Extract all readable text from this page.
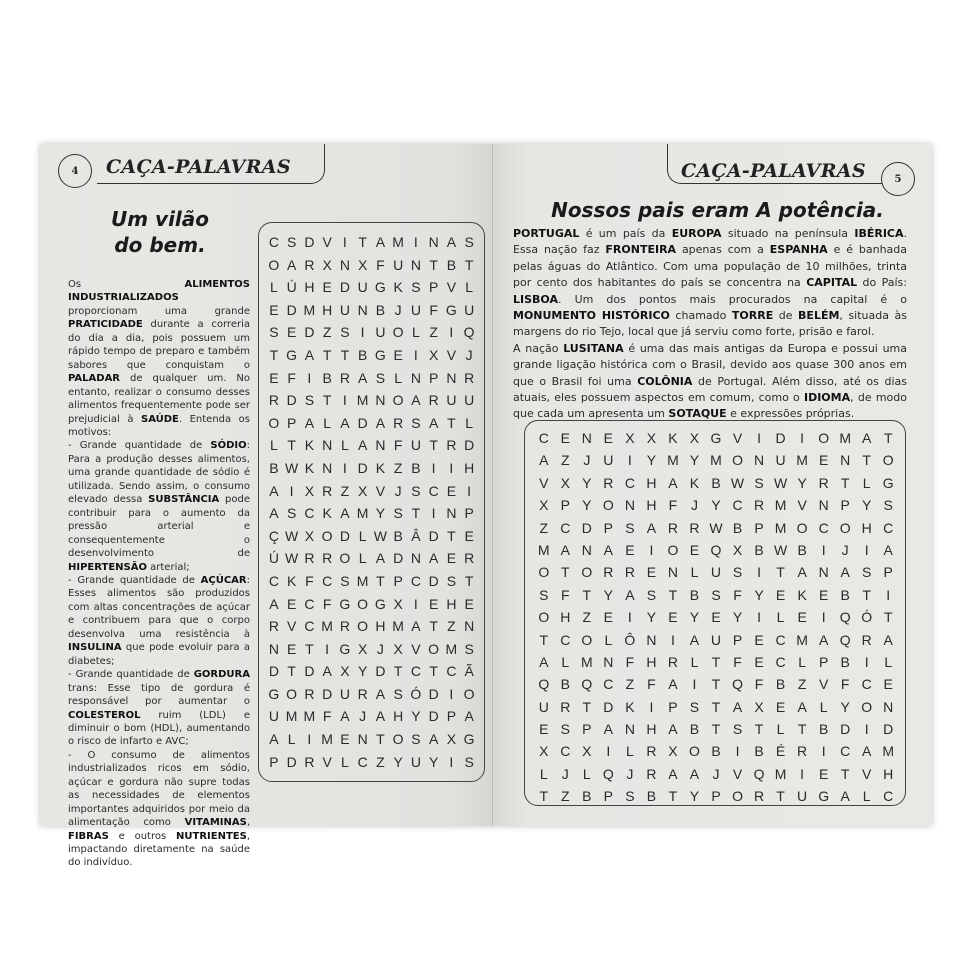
4	CAÇA-PALAVRAS
Um vilão
do bem.

Os ALIMENTOS INDUSTRIALIZADOS proporcionam uma grande PRATICIDADE durante a correria do dia a dia, pois possuem um rápido tempo de preparo e também sabores que conquistam o PALADAR de qualquer um. No entanto, realizar o consumo desses alimentos frequentemente pode ser prejudicial à SAÚDE. Entenda os motivos:

- Grande quantidade de SÓDIO: Para a produção desses alimentos, uma grande quantidade de sódio é utilizada. Sendo assim, o consumo elevado dessa SUBSTÂNCIA pode contribuir para o aumento da pressão arterial e consequentemente o desenvolvimento de HIPERTENSÃO arterial;

- Grande quantidade de AÇÚCAR: Esses alimentos são produzidos com altas concentrações de açúcar e contribuem para que o corpo desenvolva uma resistência à INSULINA que pode evoluir para a diabetes;

- Grande quantidade de GORDURA trans: Esse tipo de gordura é responsável por aumentar o COLESTEROL ruim (LDL) e diminuir o bom (HDL), aumentando o risco de infarto e AVC;

- O consumo de alimentos industrializados ricos em sódio, açúcar e gordura não supre todas as necessidades de elementos importantes adquiridos por meio da alimentação como VITAMINAS, FIBRAS e outros NUTRIENTES, impactando diretamente na saúde do indivíduo.

C S D V I T A M I N A S
O A R X N X F U N T B T
L Ú H E D U G K S P V L
E D M H U N B J U F G U
S E D Z S I U O L Z I Q
T G A T T B G E I X V J
E F I B R A S L N P N R
R D S T I M N O A R U U
O P A L A D A R S A T L
L T K N L A N F U T R D
B W K N I D K Z B I I H
A I X R Z X V J S C E I
A S C K A M Y S T I N P
Ç W X O D L W B Â D T E
Ú W R R O L A D N A E R
C K F C S M T P C D S T
A E C F G O G X I E H E
R V C M R O H M A T Z N
N E T I G X J X V O M S
D T D A X Y D T C T C Ã
G O R D U R A S Ó D I O
U M M F A J A H Y D P A
A L I M E N T O S A X G
P D R V L C Z Y U Y I S
CAÇA-PALAVRAS	5
Nossos pais eram A potência.

PORTUGAL é um país da EUROPA situado na península IBÉRICA. Essa nação faz FRONTEIRA apenas com a ESPANHA e é banhada pelas águas do Atlântico. Com uma população de 10 milhões, trinta por cento dos habitantes do país se concentra na CAPITAL do País: LISBOA. Um dos pontos mais procurados na capital é o MONUMENTO HISTÓRICO chamado TORRE de BELÉM, situada às margens do rio Tejo, local que já serviu como forte, prisão e farol.

A nação LUSITANA é uma das mais antigas da Europa e possui uma grande ligação histórica com o Brasil, devido aos quase 300 anos em que o Brasil foi uma COLÔNIA de Portugal. Além disso, até os dias atuais, eles possuem aspectos em comum, como o IDIOMA, de modo que cada um apresenta um SOTAQUE e expressões próprias.

C E N E X X K X G V	I	D	I	O M A T
A Z J U	I	Y M Y M O N U M E N T O
V X Y R C H A K B W S W Y R T L G
X P Y O N H F J Y C R M V N P Y S
Z C D P S A R R W B P M O C O H C
M A N A E	I	O E Q X B W B	I	J	I	A
O T O R R E N L U S	I	T A N A S P
S F T Y A S T B S F Y E K E B T	I
O H Z E	I	Y E Y E Y	I	L E	I	Q Ó T
T C O L Ô N	I	A U P E C M A Q R A
A L M N F H R L T F E C L P B	I	L
Q B Q C Z F A	I	T Q F B Z V F C E
U R T D K	I	P S T A X E A L Y O N
E S P A N H A B T S T L T B D	I	D
X C X	I	L R X O B	I	B É R	I	C A M
L	J	L Q J R A A J V Q M I	E T V H
T Z B P S B T Y P O R T U G A L C
